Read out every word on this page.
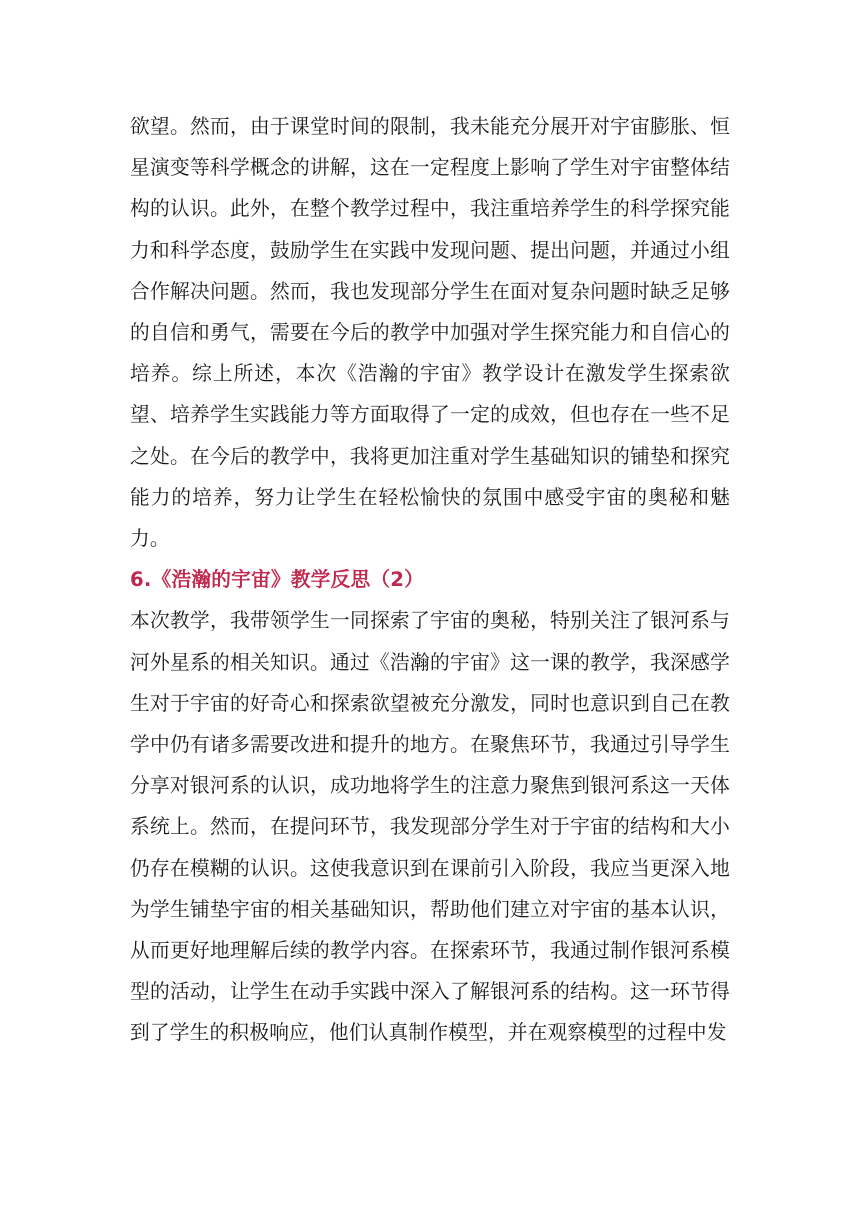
欲望。然而，由于课堂时间的限制，我未能充分展开对宇宙膨胀、恒星演变等科学概念的讲解，这在一定程度上影响了学生对宇宙整体结构的认识。此外，在整个教学过程中，我注重培养学生的科学探究能力和科学态度，鼓励学生在实践中发现问题、提出问题，并通过小组合作解决问题。然而，我也发现部分学生在面对复杂问题时缺乏足够的自信和勇气，需要在今后的教学中加强对学生探究能力和自信心的培养。综上所述，本次《浩瀚的宇宙》教学设计在激发学生探索欲望、培养学生实践能力等方面取得了一定的成效，但也存在一些不足之处。在今后的教学中，我将更加注重对学生基础知识的铺垫和探究能力的培养，努力让学生在轻松愉快的氛围中感受宇宙的奥秘和魅力。

6.《浩瀚的宇宙》教学反思（2）

本次教学，我带领学生一同探索了宇宙的奥秘，特别关注了银河系与河外星系的相关知识。通过《浩瀚的宇宙》这一课的教学，我深感学生对于宇宙的好奇心和探索欲望被充分激发，同时也意识到自己在教学中仍有诸多需要改进和提升的地方。在聚焦环节，我通过引导学生分享对银河系的认识，成功地将学生的注意力聚焦到银河系这一天体系统上。然而，在提问环节，我发现部分学生对于宇宙的结构和大小仍存在模糊的认识。这使我意识到在课前引入阶段，我应当更深入地为学生铺垫宇宙的相关基础知识，帮助他们建立对宇宙的基本认识，从而更好地理解后续的教学内容。在探索环节，我通过制作银河系模型的活动，让学生在动手实践中深入了解银河系的结构。这一环节得到了学生的积极响应，他们认真制作模型，并在观察模型的过程中发
